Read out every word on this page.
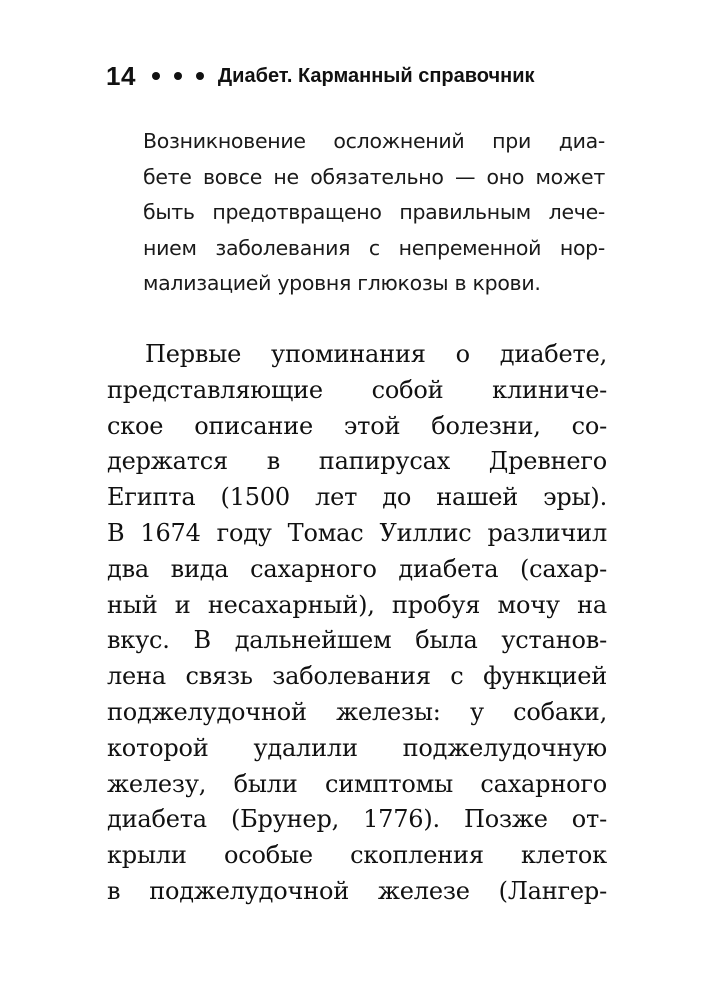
14	Диабет. Карманный справочник
Возникновение осложнений при диа-
бете вовсе не обязательно — оно может
быть предотвращено правильным лече-
нием заболевания с непременной нор-
мализацией уровня глюкозы в крови.
Первые упоминания о диабете,
представляющие собой клиниче-
ское описание этой болезни, со-
держатся в папирусах Древнего
Египта (1500 лет до нашей эры).
В 1674 году Томас Уиллис различил
два вида сахарного диабета (сахар-
ный и несахарный), пробуя мочу на
вкус. В дальнейшем была установ-
лена связь заболевания с функцией
поджелудочной железы: у собаки,
которой удалили поджелудочную
железу, были симптомы сахарного
диабета (Брунер, 1776). Позже от-
крыли особые скопления клеток
в поджелудочной железе (Лангер-
